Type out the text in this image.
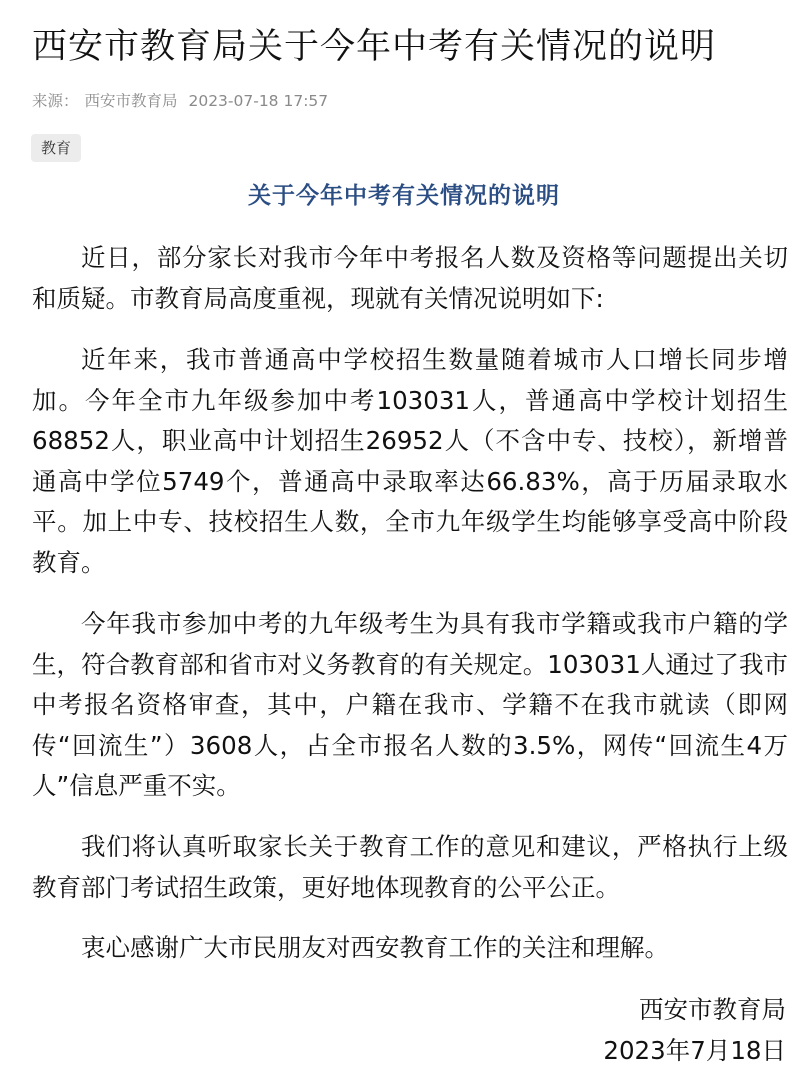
西安市教育局关于今年中考有关情况的说明
来源： 西安市教育局 2023-07-18 17:57
教育
关于今年中考有关情况的说明

近日，部分家长对我市今年中考报名人数及资格等问题提出关切和质疑。市教育局高度重视，现就有关情况说明如下:

近年来，我市普通高中学校招生数量随着城市人口增长同步增加。今年全市九年级参加中考103031人，普通高中学校计划招生68852人，职业高中计划招生26952人（不含中专、技校），新增普通高中学位5749个，普通高中录取率达66.83%，高于历届录取水平。加上中专、技校招生人数，全市九年级学生均能够享受高中阶段教育。

今年我市参加中考的九年级考生为具有我市学籍或我市户籍的学生，符合教育部和省市对义务教育的有关规定。103031人通过了我市中考报名资格审查，其中，户籍在我市、学籍不在我市就读（即网传“回流生”）3608人，占全市报名人数的3.5%，网传“回流生4万人”信息严重不实。

我们将认真听取家长关于教育工作的意见和建议，严格执行上级教育部门考试招生政策，更好地体现教育的公平公正。

衷心感谢广大市民朋友对西安教育工作的关注和理解。

西安市教育局
2023年7月18日
